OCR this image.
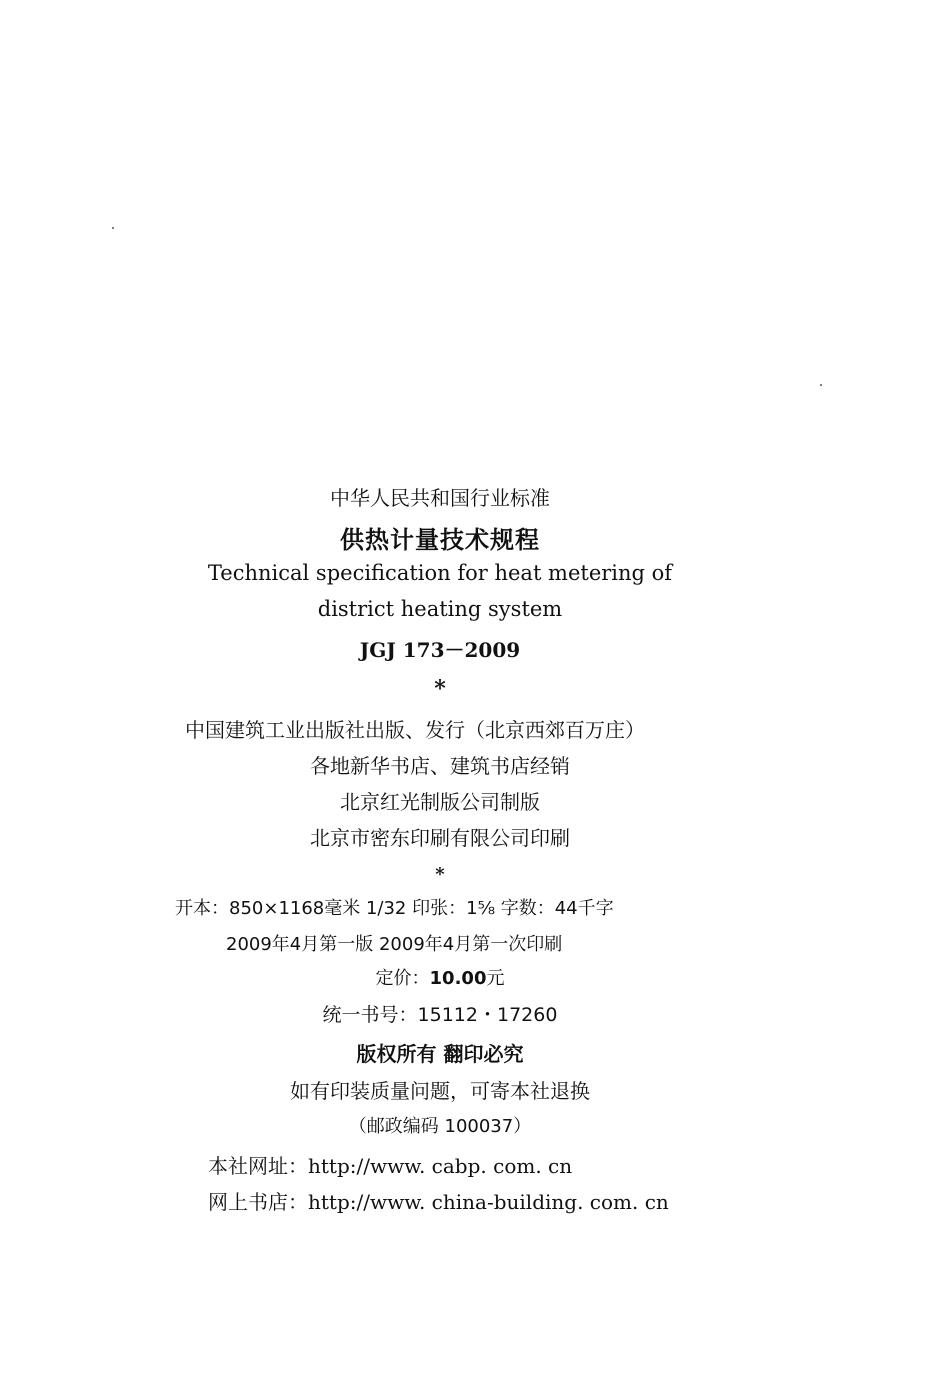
中华人民共和国行业标准
供热计量技术规程
Technical specification for heat metering of
district heating system
JGJ 173－2009
*
中国建筑工业出版社出版、发行（北京西郊百万庄）
各地新华书店、建筑书店经销
北京红光制版公司制版
北京市密东印刷有限公司印刷
*
开本：850×1168毫米 1/32 印张：1⅝ 字数：44千字
2009年4月第一版 2009年4月第一次印刷
定价：10.00元
统一书号：15112・17260
版权所有 翻印必究
如有印装质量问题，可寄本社退换
（邮政编码 100037）
本社网址：http://www. cabp. com. cn
网上书店：http://www. china-building. com. cn
